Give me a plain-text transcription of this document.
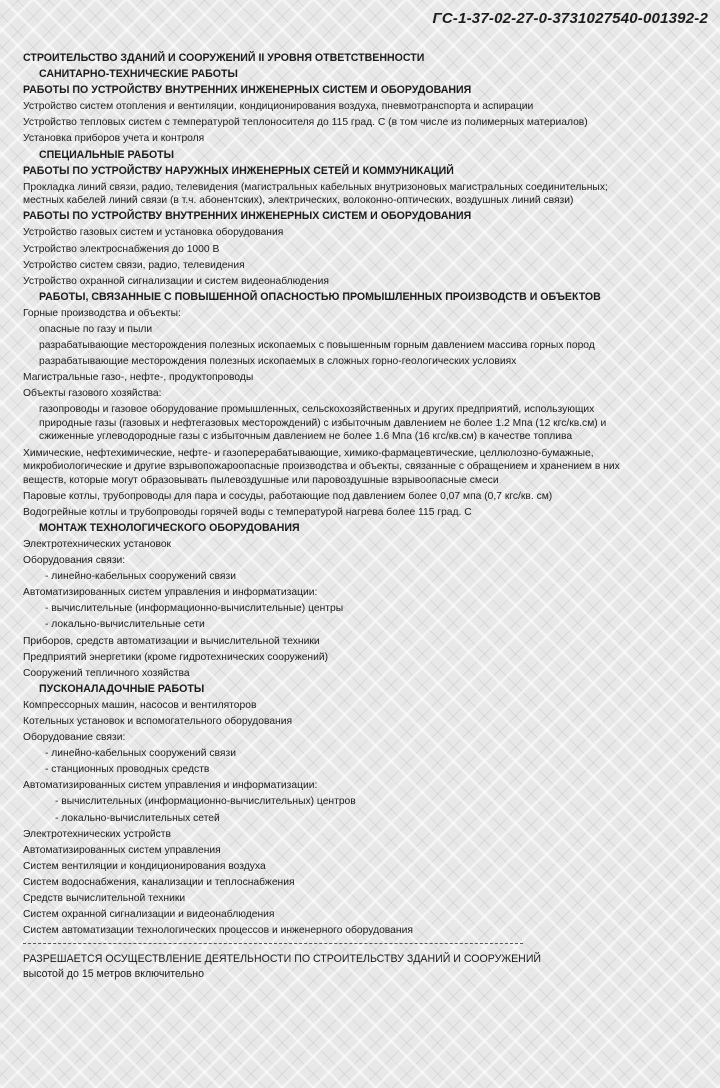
ГС-1-37-02-27-0-3731027540-001392-2
СТРОИТЕЛЬСТВО ЗДАНИЙ И СООРУЖЕНИЙ II УРОВНЯ ОТВЕТСТВЕННОСТИ
САНИТАРНО-ТЕХНИЧЕСКИЕ РАБОТЫ
РАБОТЫ ПО УСТРОЙСТВУ ВНУТРЕННИХ ИНЖЕНЕРНЫХ СИСТЕМ И ОБОРУДОВАНИЯ
Устройство систем отопления и вентиляции, кондиционирования воздуха, пневмотранспорта и аспирации
Устройство тепловых систем с температурой теплоносителя до 115 град. С (в том числе из полимерных материалов)
Установка приборов учета и контроля
СПЕЦИАЛЬНЫЕ РАБОТЫ
РАБОТЫ ПО УСТРОЙСТВУ НАРУЖНЫХ ИНЖЕНЕРНЫХ СЕТЕЙ И КОММУНИКАЦИЙ
Прокладка линий связи, радио, телевидения (магистральных кабельных внутризоновых магистральных соединительных; местных кабелей линий связи (в т.ч. абонентских), электрических, волоконно-оптических, воздушных линий связи)
РАБОТЫ ПО УСТРОЙСТВУ ВНУТРЕННИХ ИНЖЕНЕРНЫХ СИСТЕМ И ОБОРУДОВАНИЯ
Устройство газовых систем и установка оборудования
Устройство электроснабжения до 1000 В
Устройство систем связи, радио, телевидения
Устройство охранной сигнализации и систем видеонаблюдения
РАБОТЫ, СВЯЗАННЫЕ С ПОВЫШЕННОЙ ОПАСНОСТЬЮ ПРОМЫШЛЕННЫХ ПРОИЗВОДСТВ И ОБЪЕКТОВ
Горные производства и объекты:
опасные по газу и пыли
разрабатывающие месторождения полезных ископаемых с повышенным горным давлением массива горных пород
разрабатывающие месторождения полезных ископаемых в сложных горно-геологических условиях
Магистральные газо-, нефте-, продуктопроводы
Объекты газового хозяйства:
газопроводы и газовое оборудование промышленных, сельскохозяйственных и других предприятий, использующих природные газы (газовых и нефтегазовых месторождений) с избыточным давлением не более 1.2 Мпа (12 кгс/кв.см) и сжиженные углеводородные газы с избыточным давлением не более 1.6 Мпа (16 кгс/кв.см) в качестве топлива
Химические, нефтехимические, нефте- и газоперерабатывающие, химико-фармацевтические, целлюлозно-бумажные, микробиологические и другие взрывопожароопасные производства и объекты, связанные с обращением и хранением в них веществ, которые могут образовывать пылевоздушные или паровоздушные взрывоопасные смеси
Паровые котлы, трубопроводы для пара и сосуды, работающие под давлением более 0,07 мпа (0,7 кгс/кв. см)
Водогрейные котлы и трубопроводы горячей воды с температурой нагрева более 115 град. С
МОНТАЖ ТЕХНОЛОГИЧЕСКОГО ОБОРУДОВАНИЯ
Электротехнических установок
Оборудования связи:
- линейно-кабельных сооружений связи
Автоматизированных систем управления и информатизации:
- вычислительные (информационно-вычислительные) центры
- локально-вычислительные сети
Приборов, средств автоматизации и вычислительной техники
Предприятий энергетики (кроме гидротехнических сооружений)
Сооружений тепличного хозяйства
ПУСКОНАЛАДОЧНЫЕ РАБОТЫ
Компрессорных машин, насосов и вентиляторов
Котельных установок и вспомогательного оборудования
Оборудование связи:
- линейно-кабельных сооружений связи
- станционных проводных средств
Автоматизированных систем управления и информатизации:
- вычислительных (информационно-вычислительных) центров
- локально-вычислительных сетей
Электротехнических устройств
Автоматизированных систем управления
Систем вентиляции и кондиционирования воздуха
Систем водоснабжения, канализации и теплоснабжения
Средств вычислительной техники
Систем охранной сигнализации и видеонаблюдения
Систем автоматизации технологических процессов и инженерного оборудования
РАЗРЕШАЕТСЯ ОСУЩЕСТВЛЕНИЕ ДЕЯТЕЛЬНОСТИ ПО СТРОИТЕЛЬСТВУ ЗДАНИЙ И СООРУЖЕНИЙ
высотой до 15 метров включительно
